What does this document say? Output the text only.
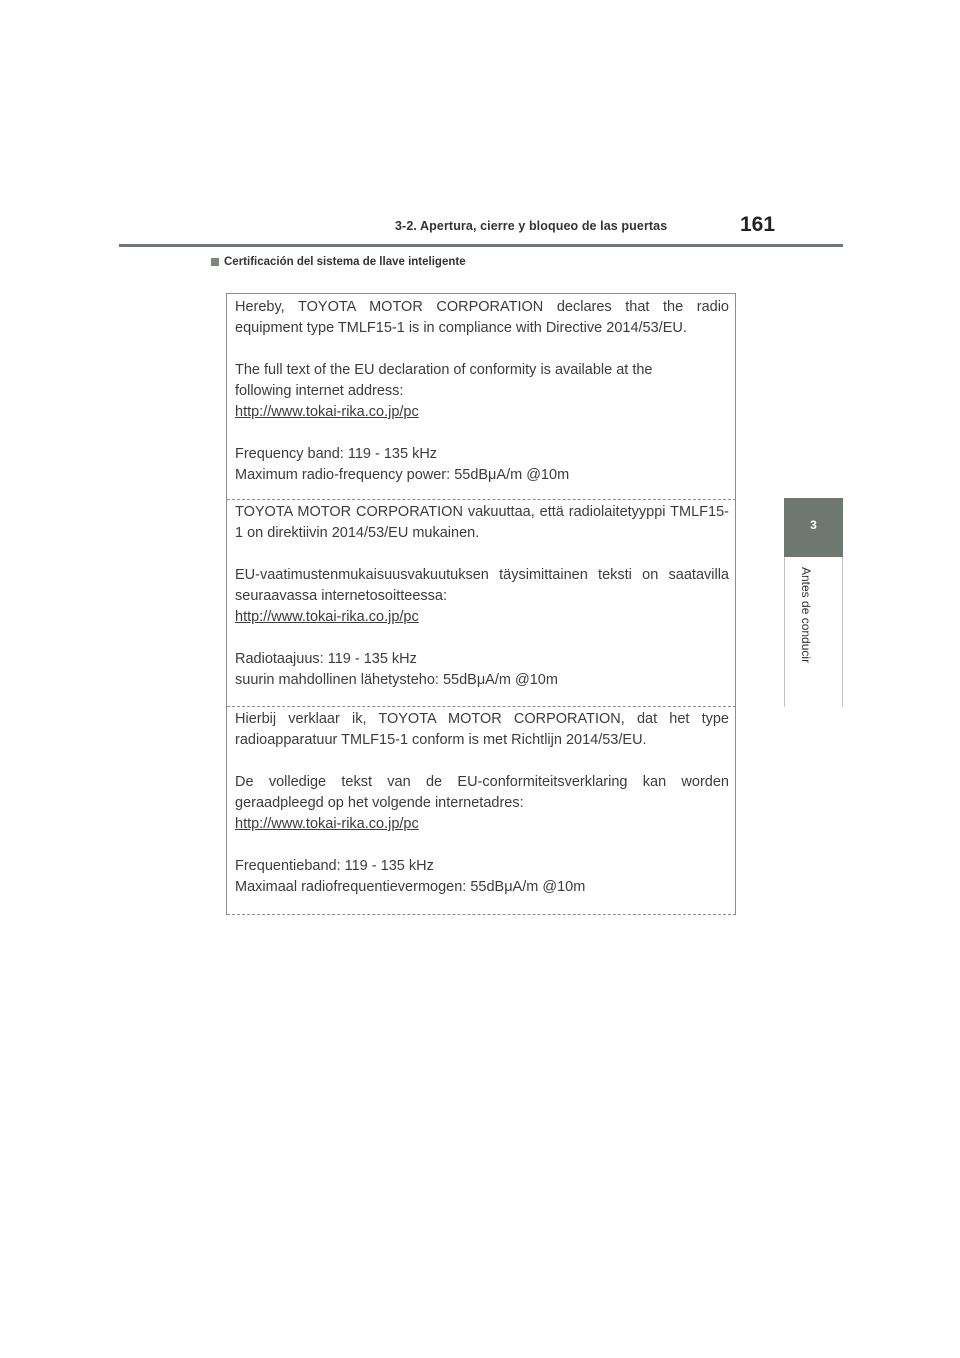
3-2. Apertura, cierre y bloqueo de las puertas	161
3
Antes de conducir
Certificación del sistema de llave inteligente

Hereby, TOYOTA MOTOR CORPORATION declares that the radio equipment type TMLF15-1 is in compliance with Directive 2014/53/EU.

The full text of the EU declaration of conformity is available at the

following internet address:

http://www.tokai-rika.co.jp/pc

Frequency band: 119 - 135 kHz

Maximum radio-frequency power: 55dBμA/m @10m

TOYOTA MOTOR CORPORATION vakuuttaa, että radiolaitetyyppi TMLF15-1 on direktiivin 2014/53/EU mukainen.

EU-vaatimustenmukaisuusvakuutuksen täysimittainen teksti on saatavilla seuraavassa internetosoitteessa:

http://www.tokai-rika.co.jp/pc

Radiotaajuus: 119 - 135 kHz

suurin mahdollinen lähetysteho: 55dBμA/m @10m

Hierbij verklaar ik, TOYOTA MOTOR CORPORATION, dat het type radioapparatuur TMLF15-1 conform is met Richtlijn 2014/53/EU.

De volledige tekst van de EU-conformiteitsverklaring kan worden geraadpleegd op het volgende internetadres:

http://www.tokai-rika.co.jp/pc

Frequentieband: 119 - 135 kHz

Maximaal radiofrequentievermogen: 55dBμA/m @10m
